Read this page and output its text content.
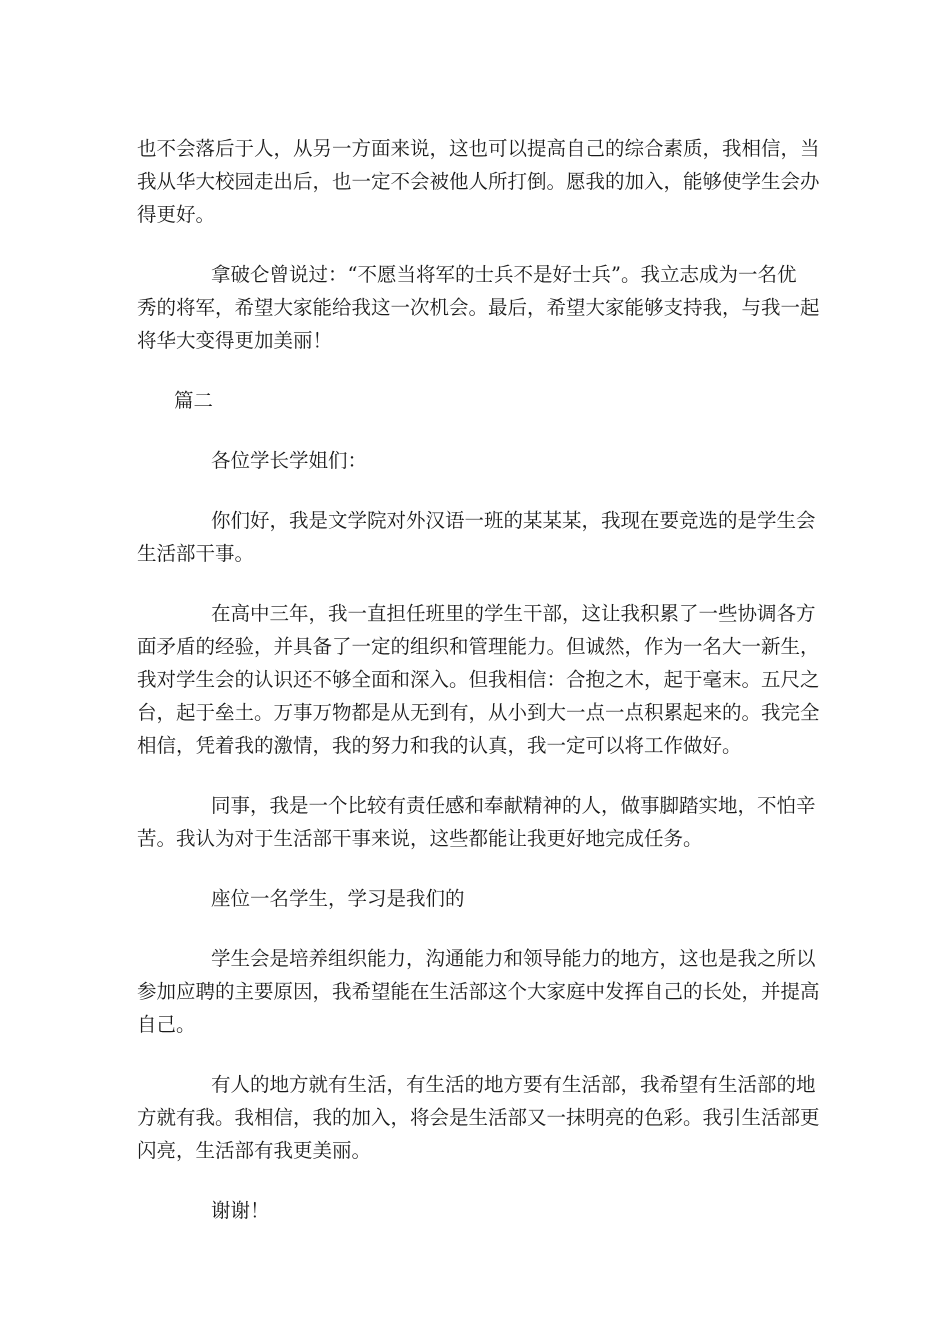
也不会落后于人，从另一方面来说，这也可以提高自己的综合素质，我相信，当
我从华大校园走出后，也一定不会被他人所打倒。愿我的加入，能够使学生会办
得更好。
拿破仑曾说过：“不愿当将军的士兵不是好士兵”。我立志成为一名优
秀的将军，希望大家能给我这一次机会。最后，希望大家能够支持我，与我一起
将华大变得更加美丽！
篇二
各位学长学姐们：
你们好，我是文学院对外汉语一班的某某某，我现在要竞选的是学生会
生活部干事。
在高中三年，我一直担任班里的学生干部，这让我积累了一些协调各方
面矛盾的经验，并具备了一定的组织和管理能力。但诚然，作为一名大一新生，
我对学生会的认识还不够全面和深入。但我相信：合抱之木，起于毫末。五尺之
台，起于垒土。万事万物都是从无到有，从小到大一点一点积累起来的。我完全
相信，凭着我的激情，我的努力和我的认真，我一定可以将工作做好。
同事，我是一个比较有责任感和奉献精神的人，做事脚踏实地，不怕辛
苦。我认为对于生活部干事来说，这些都能让我更好地完成任务。
座位一名学生，学习是我们的
学生会是培养组织能力，沟通能力和领导能力的地方，这也是我之所以
参加应聘的主要原因，我希望能在生活部这个大家庭中发挥自己的长处，并提高
自己。
有人的地方就有生活，有生活的地方要有生活部，我希望有生活部的地
方就有我。我相信，我的加入，将会是生活部又一抹明亮的色彩。我引生活部更
闪亮，生活部有我更美丽。
谢谢！
